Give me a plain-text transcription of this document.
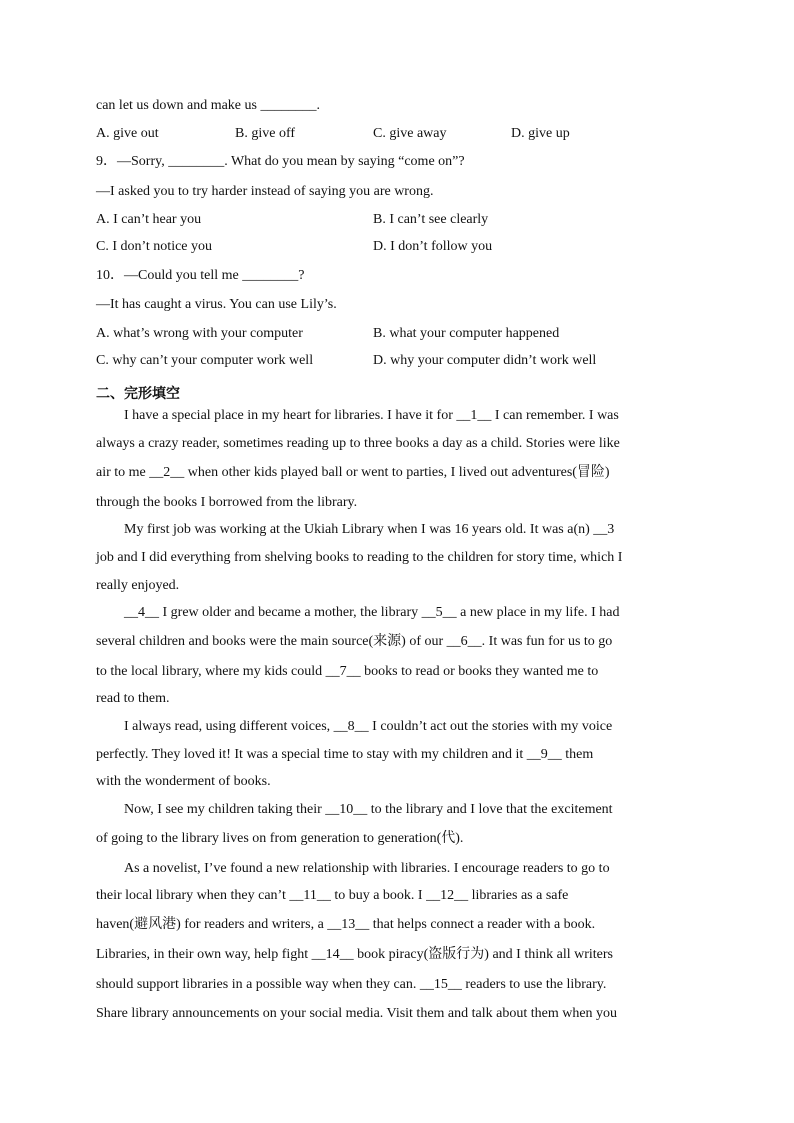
can let us down and make us ________.
A. give out	B. give off	C. give away	D. give up
9．—Sorry, ________. What do you mean by saying “come on”?
—I asked you to try harder instead of saying you are wrong.
A. I can’t hear you	B. I can’t see clearly
C. I don’t notice you	D. I don’t follow you
10．—Could you tell me ________?
—It has caught a virus. You can use Lily’s.
A. what’s wrong with your computer	B. what your computer happened
C. why can’t your computer work well	D. why your computer didn’t work well
二、完形填空
I have a special place in my heart for libraries. I have it for __1__ I can remember. I was
always a crazy reader, sometimes reading up to three books a day as a child. Stories were like
air to me __2__ when other kids played ball or went to parties, I lived out adventures(冒险)
through the books I borrowed from the library.
My first job was working at the Ukiah Library when I was 16 years old. It was a(n) __3
job and I did everything from shelving books to reading to the children for story time, which I
really enjoyed.
__4__ I grew older and became a mother, the library __5__ a new place in my life. I had
several children and books were the main source(来源) of our __6__. It was fun for us to go
to the local library, where my kids could __7__ books to read or books they wanted me to
read to them.
I always read, using different voices, __8__ I couldn’t act out the stories with my voice
perfectly. They loved it! It was a special time to stay with my children and it __9__ them
with the wonderment of books.
Now, I see my children taking their __10__ to the library and I love that the excitement
of going to the library lives on from generation to generation(代).
As a novelist, I’ve found a new relationship with libraries. I encourage readers to go to
their local library when they can’t __11__ to buy a book. I __12__ libraries as a safe
haven(避风港) for readers and writers, a __13__ that helps connect a reader with a book.
Libraries, in their own way, help fight __14__ book piracy(盗版行为) and I think all writers
should support libraries in a possible way when they can. __15__ readers to use the library.
Share library announcements on your social media. Visit them and talk about them when you
